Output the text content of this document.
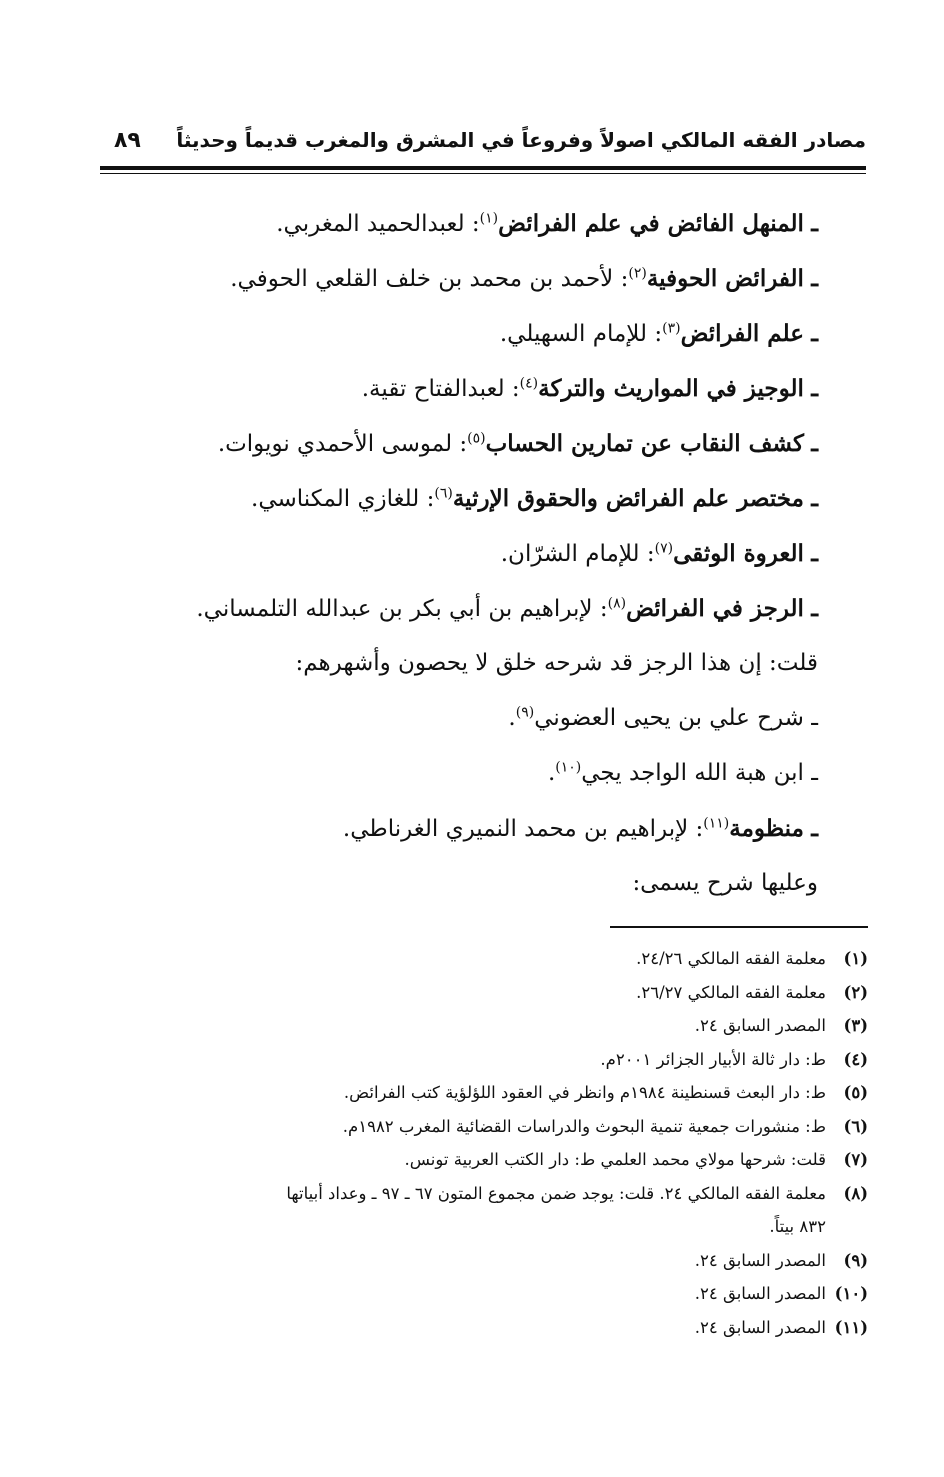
مصادر الفقه المالكي اصولاً وفروعاً في المشرق والمغرب قديماً وحديثاً
٨٩
ـ المنهل الفائض في علم الفرائض$^{(١)}$: لعبدالحميد المغربي.
ـ الفرائض الحوفية$^{(٢)}$: لأحمد بن محمد بن خلف القلعي الحوفي.
ـ علم الفرائض$^{(٣)}$: للإمام السهيلي.
ـ الوجيز في المواريث والتركة$^{(٤)}$: لعبدالفتاح تقية.
ـ كشف النقاب عن تمارين الحساب$^{(٥)}$: لموسى الأحمدي نويوات.
ـ مختصر علم الفرائض والحقوق الإرثية$^{(٦)}$: للغازي المكناسي.
ـ العروة الوثقى$^{(٧)}$: للإمام الشرّان.
ـ الرجز في الفرائض$^{(٨)}$: لإبراهيم بن أبي بكر بن عبدالله التلمساني.
قلت: إن هذا الرجز قد شرحه خلق لا يحصون وأشهرهم:
ـ شرح علي بن يحيى العضوني$^{(٩)}$.
ـ ابن هبة الله الواجد يجي$^{(١٠)}$.
ـ منظومة$^{(١١)}$: لإبراهيم بن محمد النميري الغرناطي.
وعليها شرح يسمى:
(١)معلمة الفقه المالكي ٢٤/٢٦.
(٢)معلمة الفقه المالكي ٢٦/٢٧.
(٣)المصدر السابق ٢٤.
(٤)ط: دار ثالة الأبيار الجزائر ٢٠٠١م.
(٥)ط: دار البعث قسنطينة ١٩٨٤م وانظر في العقود اللؤلؤية كتب الفرائض.
(٦)ط: منشورات جمعية تنمية البحوث والدراسات القضائية المغرب ١٩٨٢م.
(٧)قلت: شرحها مولاي محمد العلمي ط: دار الكتب العربية تونس.
(٨)معلمة الفقه المالكي ٢٤. قلت: يوجد ضمن مجموع المتون ٦٧ ـ ٩٧ ـ وعداد أبياتها
٨٣٢ بيتاً.
(٩)المصدر السابق ٢٤.
(١٠)المصدر السابق ٢٤.
(١١)المصدر السابق ٢٤.
